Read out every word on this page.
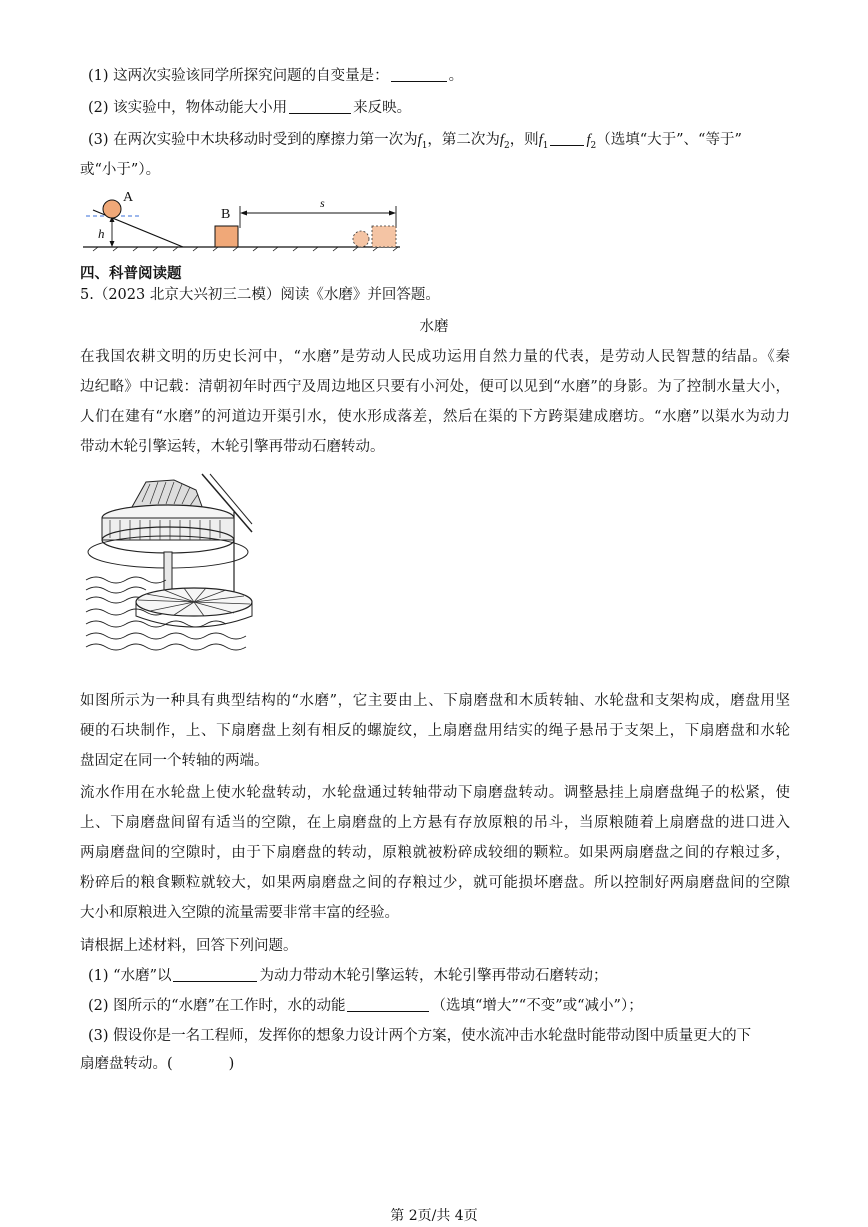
(1) 这两次实验该同学所探究问题的自变量是：	。
(2) 该实验中，物体动能大小用	来反映。
(3) 在两次实验中木块移动时受到的摩擦力第一次为$f_1$，第二次为$f_2$，则$f_1$	$f_2$（选填“大于”、“等于”
或“小于”）。
h
A
B
s
四、科普阅读题
5.（2023 北京大兴初三二模）阅读《水磨》并回答题。
水磨
在我国农耕文明的历史长河中，“水磨”是劳动人民成功运用自然力量的代表，是劳动人民智慧的结晶。《秦
边纪略》中记载：清朝初年时西宁及周边地区只要有小河处，便可以见到“水磨”的身影。为了控制水量大小，
人们在建有“水磨”的河道边开渠引水，使水形成落差，然后在渠的下方跨渠建成磨坊。“水磨”以渠水为动力
带动木轮引擎运转，木轮引擎再带动石磨转动。
如图所示为一种具有典型结构的“水磨”，它主要由上、下扇磨盘和木质转轴、水轮盘和支架构成，磨盘用坚
硬的石块制作，上、下扇磨盘上刻有相反的螺旋纹，上扇磨盘用结实的绳子悬吊于支架上，下扇磨盘和水轮
盘固定在同一个转轴的两端。
流水作用在水轮盘上使水轮盘转动，水轮盘通过转轴带动下扇磨盘转动。调整悬挂上扇磨盘绳子的松紧，使
上、下扇磨盘间留有适当的空隙，在上扇磨盘的上方悬有存放原粮的吊斗，当原粮随着上扇磨盘的进口进入
两扇磨盘间的空隙时，由于下扇磨盘的转动，原粮就被粉碎成较细的颗粒。如果两扇磨盘之间的存粮过多，
粉碎后的粮食颗粒就较大，如果两扇磨盘之间的存粮过少，就可能损坏磨盘。所以控制好两扇磨盘间的空隙
大小和原粮进入空隙的流量需要非常丰富的经验。
请根据上述材料，回答下列问题。
(1) “水磨”以	为动力带动木轮引擎运转，木轮引擎再带动石磨转动；
(2) 图所示的“水磨”在工作时，水的动能	（选填“增大”“不变”或“减小”）；
(3) 假设你是一名工程师，发挥你的想象力设计两个方案，使水流冲击水轮盘时能带动图中质量更大的下
扇磨盘转动。(	)
第 2页/共 4页
